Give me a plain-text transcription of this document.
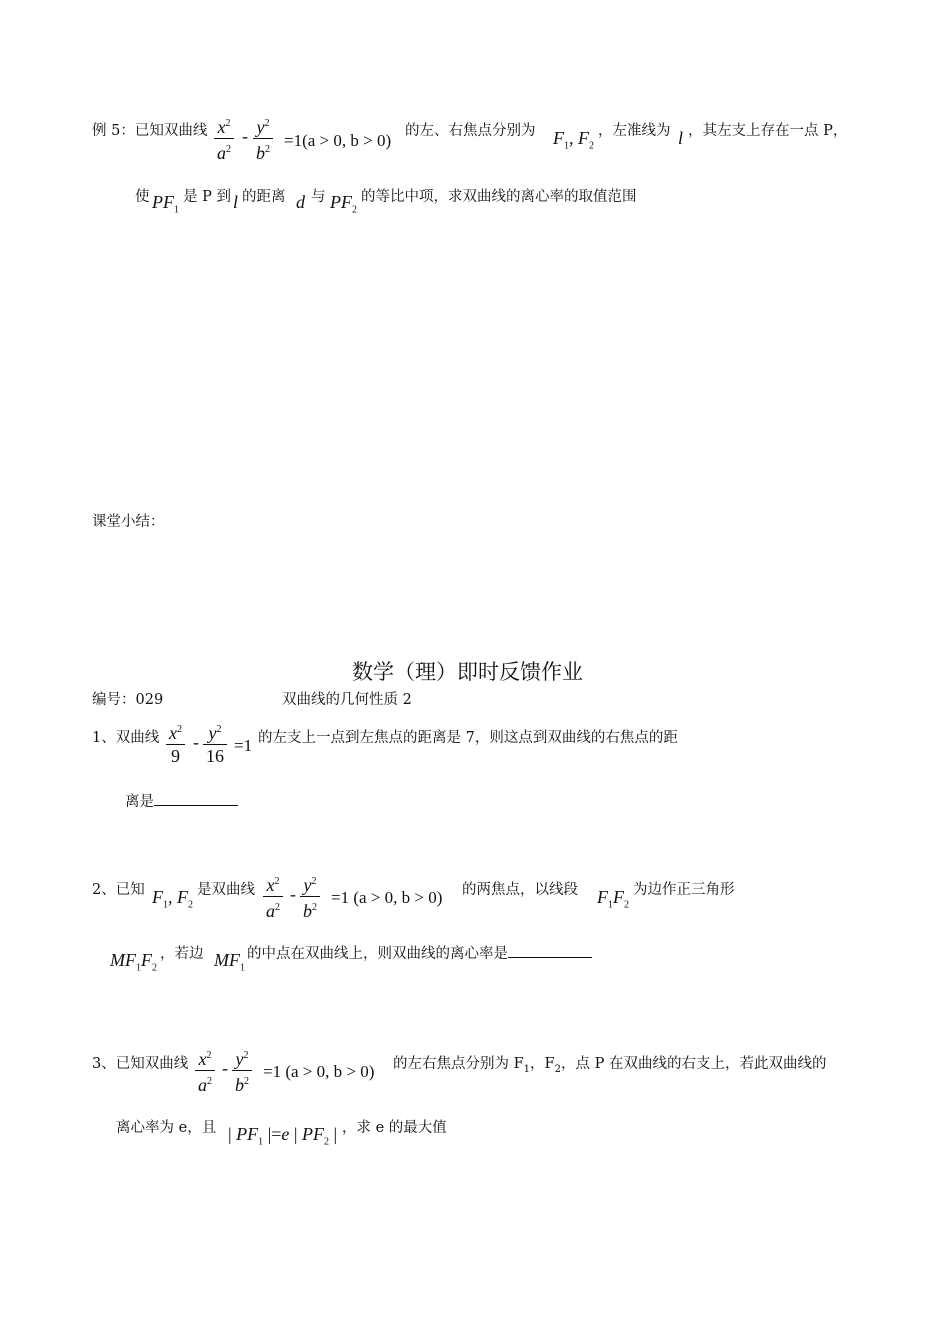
例 5：已知双曲线 $x^2$
$a^2$
- $y^2$
$b^2 =1(a > 0$, b > 0) 的左、右焦点分别为 $F_1$, $F_2$
，左准线为 l ，其左支上存在一点 P，
使 $PF_1$
是 P 到 l 的距离 d 与 $PF_2$
的等比中项，求双曲线的离心率的取值范围
课堂小结：
数学（理）即时反馈作业
编号：029	双曲线的几何性质 2
1、双曲线 $x^2$
9
- $y^2$
16
=1 的左支上一点到左焦点的距离是 7，则这点到双曲线的右焦点的距
离是
2、已知 $F_1$, $F_2$
是双曲线 $x^2$
$a^2$
- $y^2$
$b^2$
=1 (a > 0, b > 0) 的两焦点，以线段 $F_1F_2$
为边作正三角形
$MF_1F_2$
，若边 $MF_1$
的中点在双曲线上，则双曲线的离心率是
3、已知双曲线 $x^2$
$a^2$
- $y^2$
$b^2$
=1 (a > 0, b > 0) 的左右焦点分别为 $F_1$，$F_2$，点 P 在双曲线的右支上，若此双曲线的
离心率为 e，且 | $PF_1$ |=e | $PF_2$ | ，求 e 的最大值
